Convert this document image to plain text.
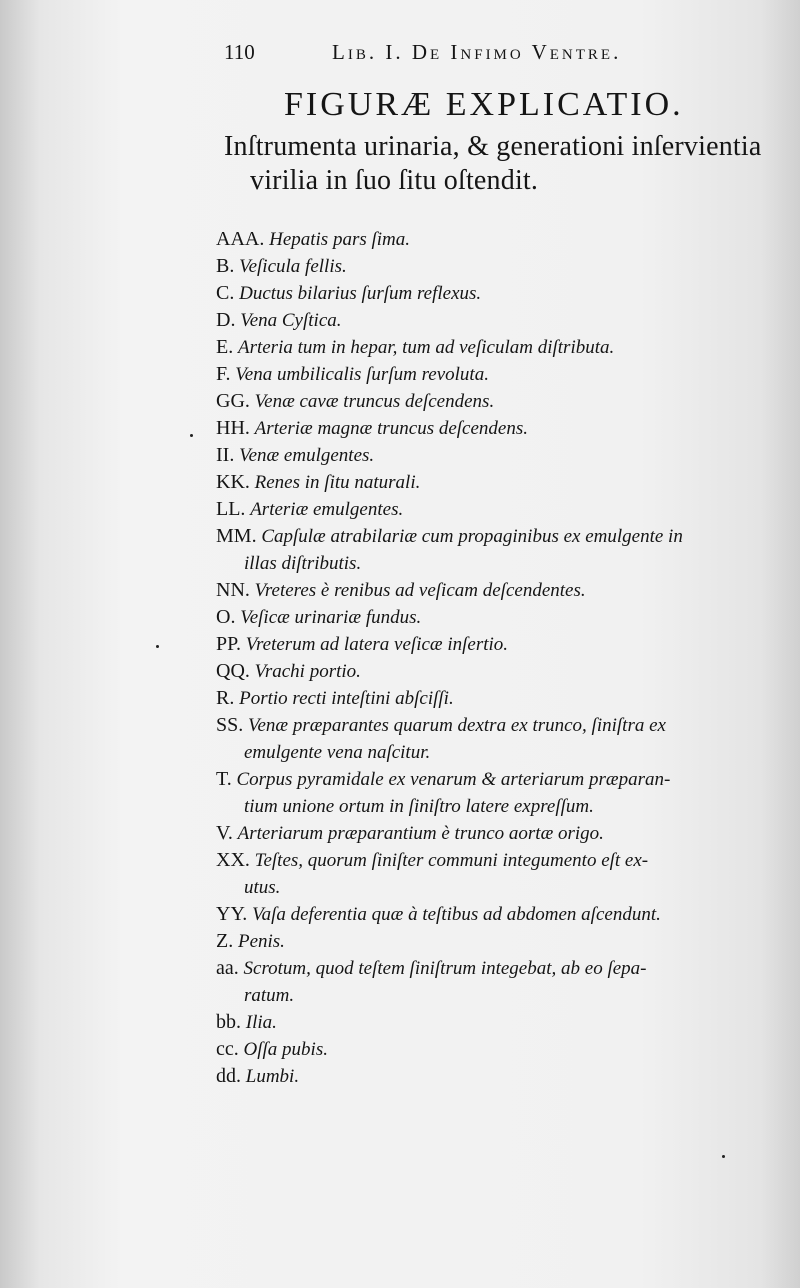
110	Lib. I. De Infimo Ventre.
FIGURÆ EXPLICATIO.
Inſtrumenta urinaria, & generationi inſervientia
virilia in ſuo ſitu oſtendit.
AAA. Hepatis pars ſima.
B. Veſicula fellis.
C. Ductus bilarius ſurſum reflexus.
D. Vena Cyſtica.
E. Arteria tum in hepar, tum ad veſiculam diſtributa.
F. Vena umbilicalis ſurſum revoluta.
GG. Venæ cavæ truncus deſcendens.
HH. Arteriæ magnæ truncus deſcendens.
II. Venæ emulgentes.
KK. Renes in ſitu naturali.
LL. Arteriæ emulgentes.
MM. Capſulæ atrabilariæ cum propaginibus ex emulgente in
illas diſtributis.
NN. Vreteres è renibus ad veſicam deſcendentes.
O. Veſicæ urinariæ fundus.
PP. Vreterum ad latera veſicæ inſertio.
QQ. Vrachi portio.
R. Portio recti inteſtini abſciſſi.
SS. Venæ præparantes quarum dextra ex trunco, ſiniſtra ex
emulgente vena naſcitur.
T. Corpus pyramidale ex venarum & arteriarum præparan-
tium unione ortum in ſiniſtro latere expreſſum.
V. Arteriarum præparantium è trunco aortæ origo.
XX. Teſtes, quorum ſiniſter communi integumento eſt ex-
utus.
YY. Vaſa deferentia quæ à teſtibus ad abdomen aſcendunt.
Z. Penis.
aa. Scrotum, quod teſtem ſiniſtrum integebat, ab eo ſepa-
ratum.
bb. Ilia.
cc. Oſſa pubis.
dd. Lumbi.
